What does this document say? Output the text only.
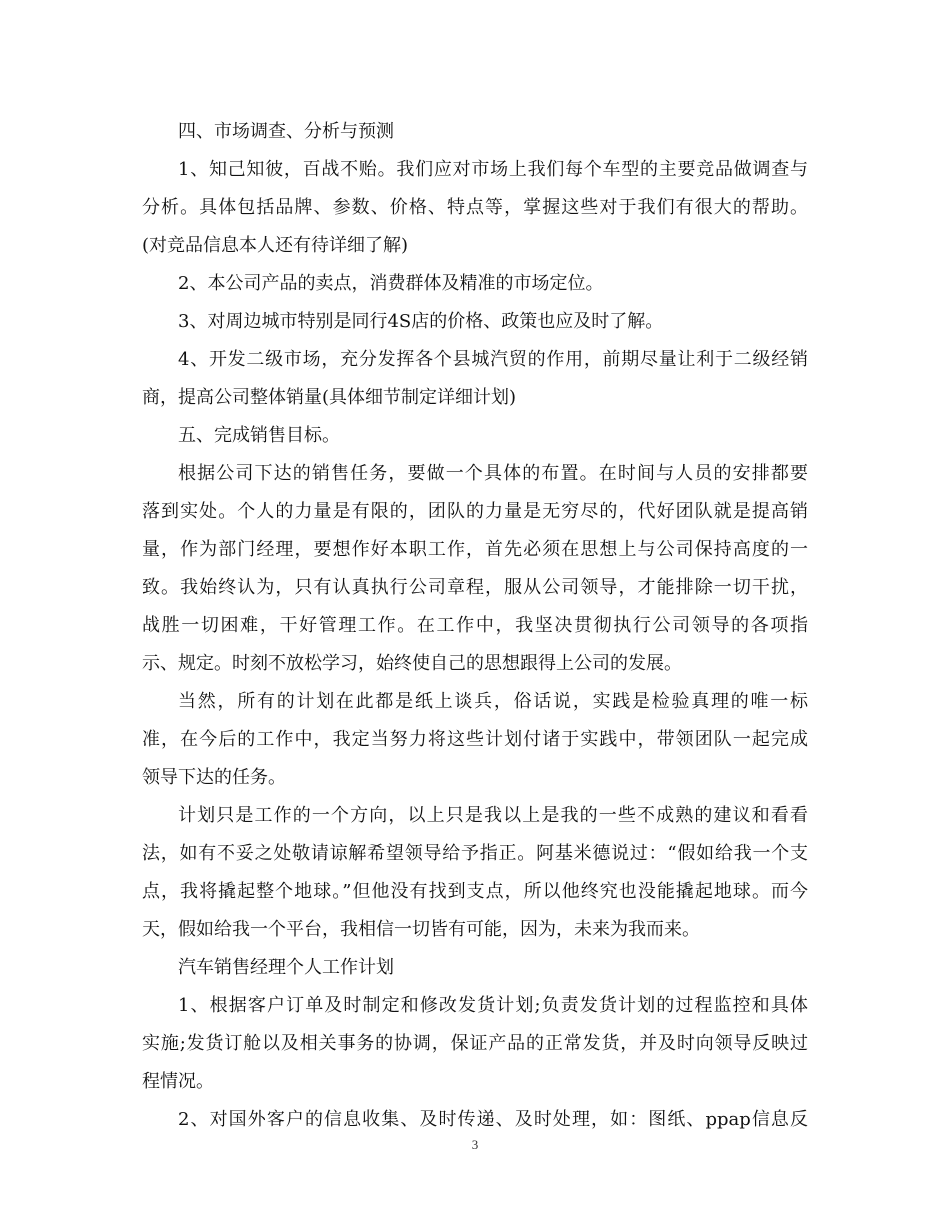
四、市场调查、分析与预测
1、知己知彼，百战不贻。我们应对市场上我们每个车型的主要竞品做调查与
分析。具体包括品牌、参数、价格、特点等，掌握这些对于我们有很大的帮助。
(对竞品信息本人还有待详细了解)
2、本公司产品的卖点，消费群体及精准的市场定位。
3、对周边城市特别是同行4S店的价格、政策也应及时了解。
4、开发二级市场，充分发挥各个县城汽贸的作用，前期尽量让利于二级经销
商，提高公司整体销量(具体细节制定详细计划)
五、完成销售目标。
根据公司下达的销售任务，要做一个具体的布置。在时间与人员的安排都要
落到实处。个人的力量是有限的，团队的力量是无穷尽的，代好团队就是提高销
量，作为部门经理，要想作好本职工作，首先必须在思想上与公司保持高度的一
致。我始终认为，只有认真执行公司章程，服从公司领导，才能排除一切干扰，
战胜一切困难，干好管理工作。在工作中，我坚决贯彻执行公司领导的各项指
示、规定。时刻不放松学习，始终使自己的思想跟得上公司的发展。
当然，所有的计划在此都是纸上谈兵，俗话说，实践是检验真理的唯一标
准，在今后的工作中，我定当努力将这些计划付诸于实践中，带领团队一起完成
领导下达的任务。
计划只是工作的一个方向，以上只是我以上是我的一些不成熟的建议和看看
法，如有不妥之处敬请谅解希望领导给予指正。阿基米德说过：“假如给我一个支
点，我将撬起整个地球。”但他没有找到支点，所以他终究也没能撬起地球。而今
天，假如给我一个平台，我相信一切皆有可能，因为，未来为我而来。
汽车销售经理个人工作计划
1、根据客户订单及时制定和修改发货计划;负责发货计划的过程监控和具体
实施;发货订舱以及相关事务的协调，保证产品的正常发货，并及时向领导反映过
程情况。
2、对国外客户的信息收集、及时传递、及时处理，如：图纸、ppap信息反
3
